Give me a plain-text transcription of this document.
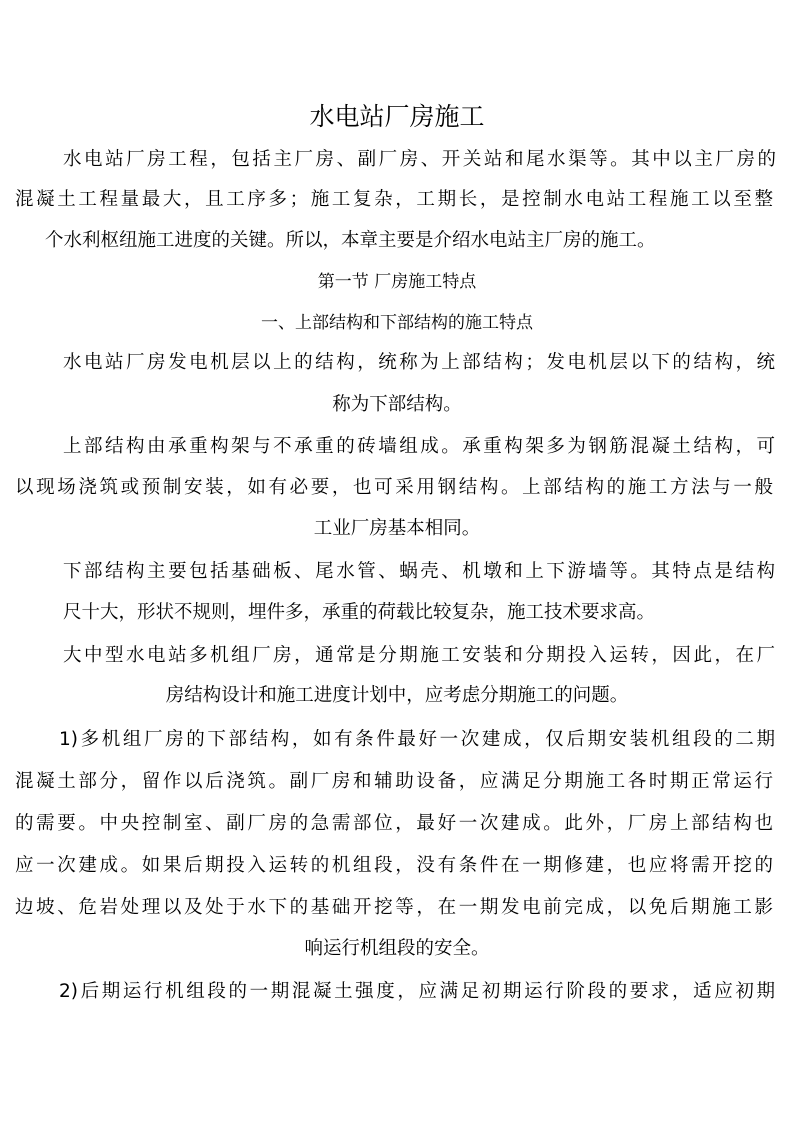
水电站厂房施工
水电站厂房工程，包括主厂房、副厂房、开关站和尾水渠等。其中以主厂房的
混凝土工程量最大，且工序多；施工复杂，工期长，是控制水电站工程施工以至整
个水利枢纽施工进度的关键。所以，本章主要是介绍水电站主厂房的施工。
第一节 厂房施工特点
一、上部结构和下部结构的施工特点
水电站厂房发电机层以上的结构，统称为上部结构；发电机层以下的结构，统
称为下部结构。
上部结构由承重构架与不承重的砖墙组成。承重构架多为钢筋混凝土结构，可
以现场浇筑或预制安装，如有必要，也可采用钢结构。上部结构的施工方法与一般
工业厂房基本相同。
下部结构主要包括基础板、尾水管、蜗壳、机墩和上下游墙等。其特点是结构
尺十大，形状不规则，埋件多，承重的荷载比较复杂，施工技术要求高。
大中型水电站多机组厂房，通常是分期施工安装和分期投入运转，因此，在厂
房结构设计和施工进度计划中，应考虑分期施工的问题。
1)多机组厂房的下部结构，如有条件最好一次建成，仅后期安装机组段的二期
混凝土部分，留作以后浇筑。副厂房和辅助设备，应满足分期施工各时期正常运行
的需要。中央控制室、副厂房的急需部位，最好一次建成。此外，厂房上部结构也
应一次建成。如果后期投入运转的机组段，没有条件在一期修建，也应将需开挖的
边坡、危岩处理以及处于水下的基础开挖等，在一期发电前完成，以免后期施工影
响运行机组段的安全。
2)后期运行机组段的一期混凝土强度，应满足初期运行阶段的要求，适应初期
